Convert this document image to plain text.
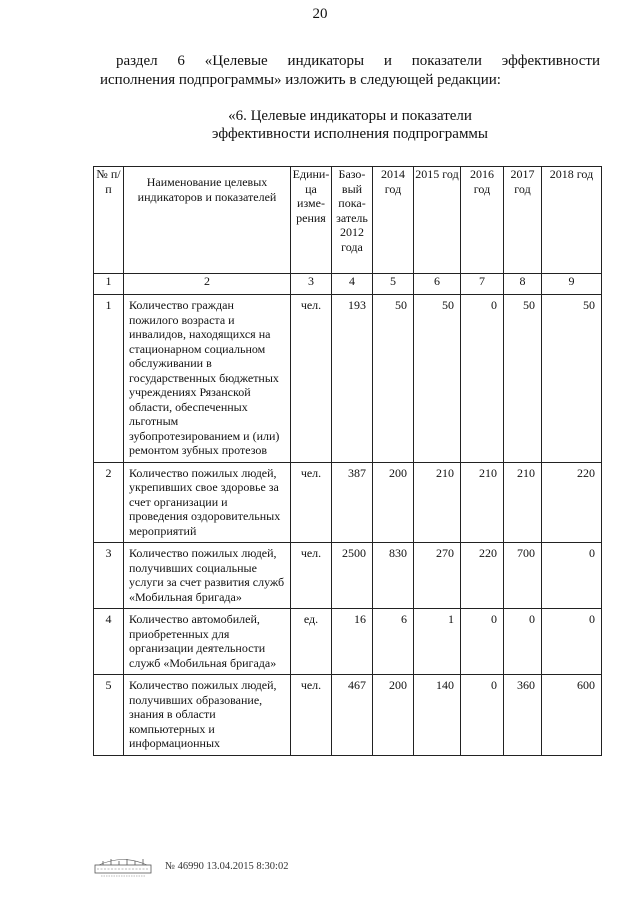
20
раздел 6 «Целевые индикаторы и показатели эффективности
исполнения подпрограммы» изложить в следующей редакции:
«6. Целевые индикаторы и показатели
эффективности исполнения подпрограммы
№ п/п	Наименование целевых индикаторов и показателей	Едини-ца изме-рения	Базо-вый пока-затель 2012 года	2014 год	2015 год	2016 год	2017 год	2018 год
1	2	3	4	5	6	7	8	9
1	Количество граждан пожилого возраста и инвалидов, находящихся на стационарном социальном обслуживании в государственных бюджетных учреждениях Рязанской области, обеспеченных льготным зубопротезированием и (или) ремонтом зубных протезов	чел.	193	50	50	0	50	50
2	Количество пожилых людей, укрепивших свое здоровье за счет организации и проведения оздоровительных мероприятий	чел.	387	200	210	210	210	220
3	Количество пожилых людей, получивших социальные услуги за счет развития служб «Мобильная бригада»	чел.	2500	830	270	220	700	0
4	Количество автомобилей, приобретенных для организации деятельности служб «Мобильная бригада»	ед.	16	6	1	0	0	0
5	Количество пожилых людей, получивших образование, знания в области компьютерных и информационных	чел.	467	200	140	0	360	600
№ 46990 13.04.2015 8:30:02
